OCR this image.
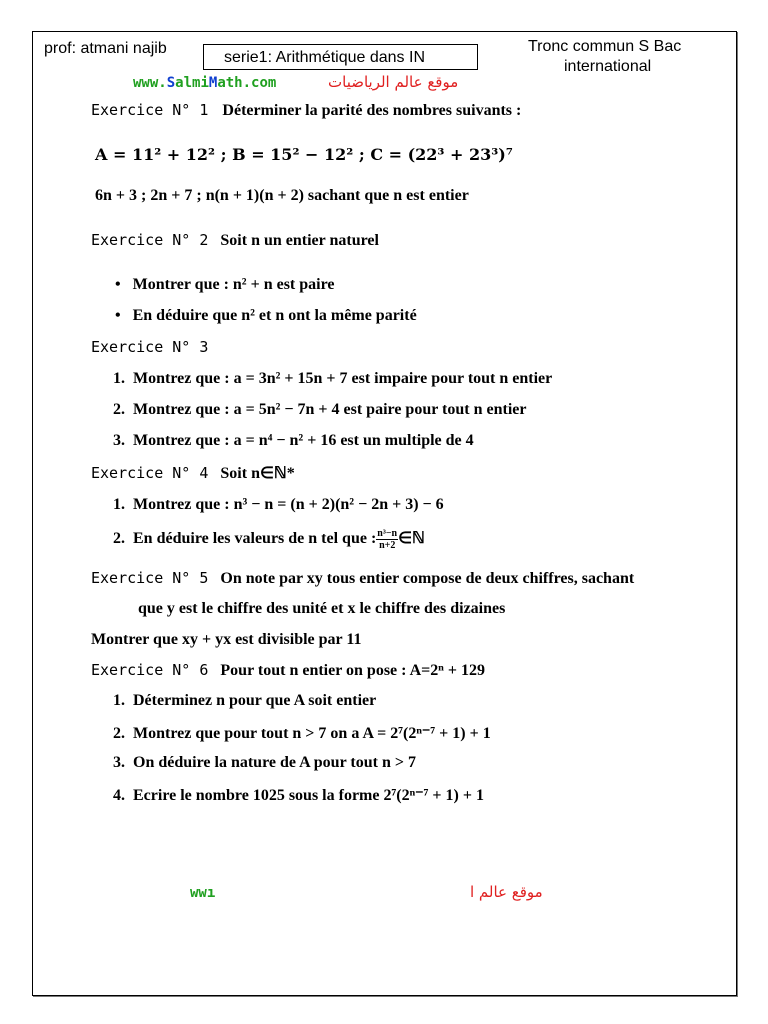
prof: atmani najib
serie1: Arithmétique dans IN
Tronc commun S Bac
international
www.SalmiMath.com	موقع عالم الرياضيات
Exercice N° 1 Déterminer la parité des nombres suivants :
A = 11² + 12² ; B = 15² − 12² ; C = (22³ + 23³)⁷
6n + 3 ; 2n + 7 ; n(n + 1)(n + 2) sachant que n est entier
Exercice N° 2 Soit n un entier naturel
•   Montrer que : n² + n est paire
•   En déduire que n² et n ont la même parité
Exercice N° 3
1.  Montrez que : a = 3n² + 15n + 7 est impaire pour tout n entier
2.  Montrez que : a = 5n² − 7n + 4 est paire pour tout n entier
3.  Montrez que : a = n⁴ − n² + 16 est un multiple de 4
Exercice N° 4 Soit n∈ℕ*
1.  Montrez que : n³ − n = (n + 2)(n² − 2n + 3) − 6
2.  En déduire les valeurs de n tel que : $\frac{\text{n³−n}}{n+2}$ ∈ℕ
Exercice N° 5 On note par xy tous entier compose de deux chiffres, sachant
que y est le chiffre des unité et x le chiffre des dizaines
Montrer que xy + yx est divisible par 11
Exercice N° 6 Pour tout n entier on pose : A=2ⁿ + 129
1.  Déterminez n pour que A soit entier
2.  Montrez que pour tout n > 7 on a A = 2⁷(2ⁿ⁻⁷ + 1) + 1
3.  On déduire la nature de A pour tout n > 7
4.  Ecrire le nombre 1025 sous la forme 2⁷(2ⁿ⁻⁷ + 1) + 1
wwı	موقع عالم ا
